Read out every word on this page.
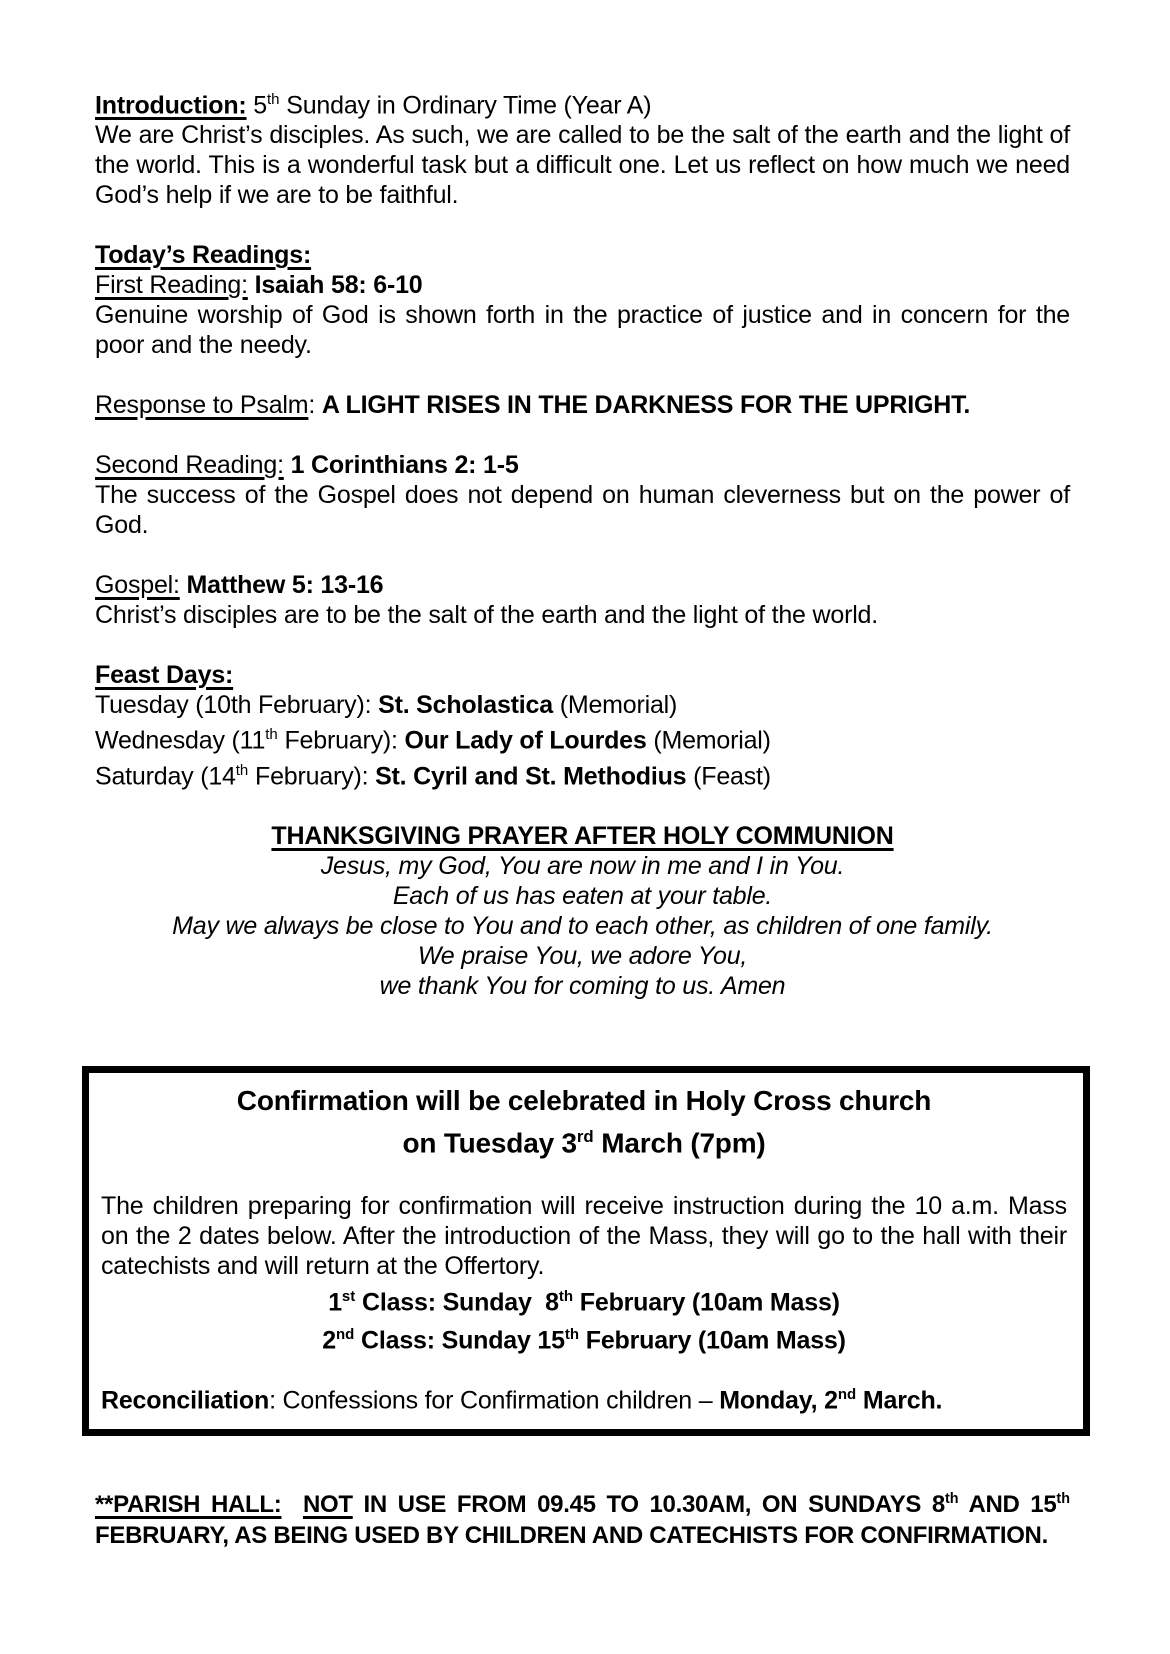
Introduction: 5th Sunday in Ordinary Time (Year A)

We are Christ’s disciples. As such, we are called to be the salt of the earth and the light of the world. This is a wonderful task but a difficult one. Let us reflect on how much we need God’s help if we are to be faithful.

Today’s Readings:

First Reading: Isaiah 58: 6-10

Genuine worship of God is shown forth in the practice of justice and in concern for the poor and the needy.

Response to Psalm: A LIGHT RISES IN THE DARKNESS FOR THE UPRIGHT.

Second Reading: 1 Corinthians 2: 1-5

The success of the Gospel does not depend on human cleverness but on the power of God.

Gospel: Matthew 5: 13-16

Christ’s disciples are to be the salt of the earth and the light of the world.

Feast Days:

Tuesday (10th February): St. Scholastica (Memorial)

Wednesday (11th February): Our Lady of Lourdes (Memorial)

Saturday (14th February): St. Cyril and St. Methodius (Feast)

THANKSGIVING PRAYER AFTER HOLY COMMUNION

Jesus, my God, You are now in me and I in You.

Each of us has eaten at your table.

May we always be close to You and to each other, as children of one family.

We praise You, we adore You,

we thank You for coming to us. Amen

Confirmation will be celebrated in Holy Cross church

on Tuesday 3rd March (7pm)

The children preparing for confirmation will receive instruction during the 10 a.m. Mass on the 2 dates below. After the introduction of the Mass, they will go to the hall with their catechists and will return at the Offertory.

1st Class: Sunday  8th February (10am Mass)

2nd Class: Sunday 15th February (10am Mass)

Reconciliation: Confessions for Confirmation children – Monday, 2nd March.

**PARISH HALL: NOT IN USE FROM 09.45 TO 10.30AM, ON SUNDAYS 8th AND 15th FEBRUARY, AS BEING USED BY CHILDREN AND CATECHISTS FOR CONFIRMATION.
